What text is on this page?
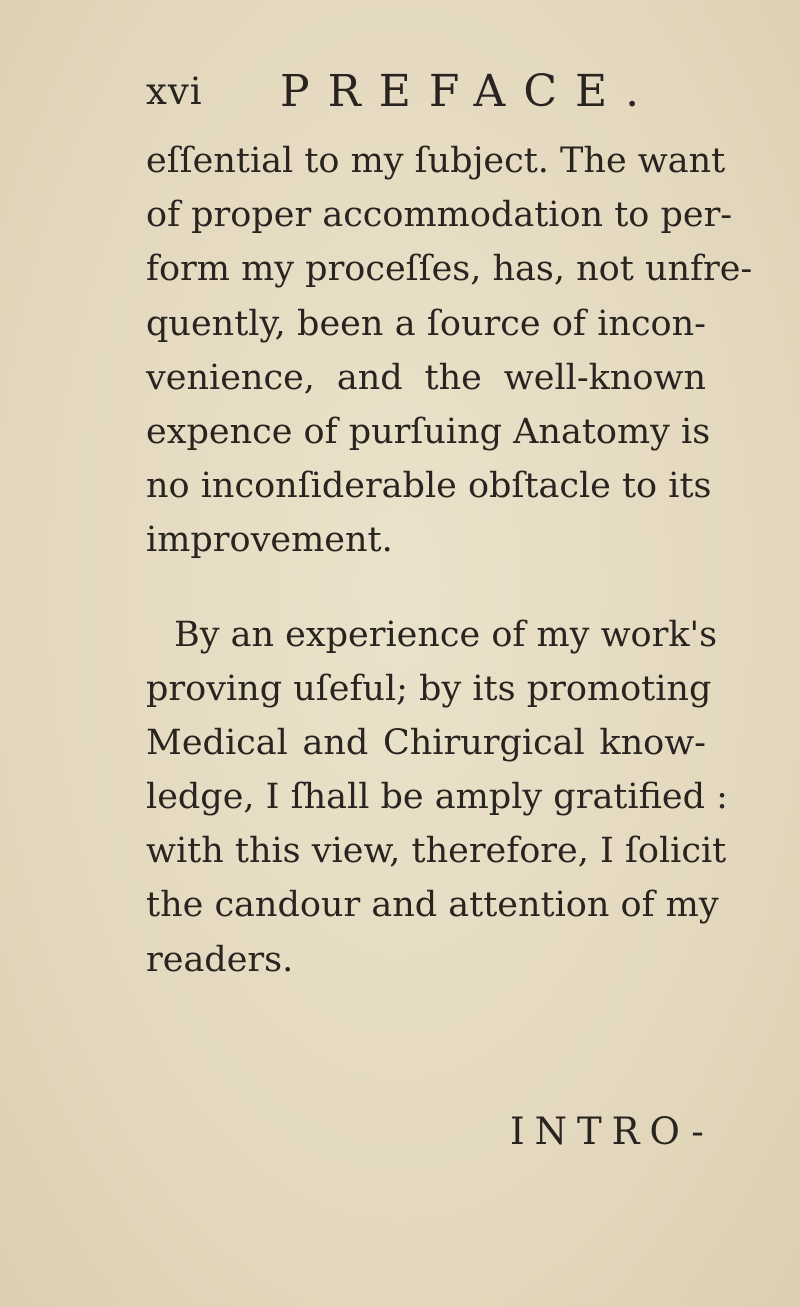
xvi PREFACE.
eſſential to my ſubject. The want
of proper accommodation to per-
form my proceſſes, has, not unfre-
quently, been a ſource of incon-
venience, and the well-known
expence of purſuing Anatomy is
no inconſiderable obſtacle to its
improvement.
By an experience of my work's
proving uſeful; by its promoting
Medical and Chirurgical know-
ledge, I ſhall be amply gratified :
with this view, therefore, I ſolicit
the candour and attention of my
readers.
INTRO-
